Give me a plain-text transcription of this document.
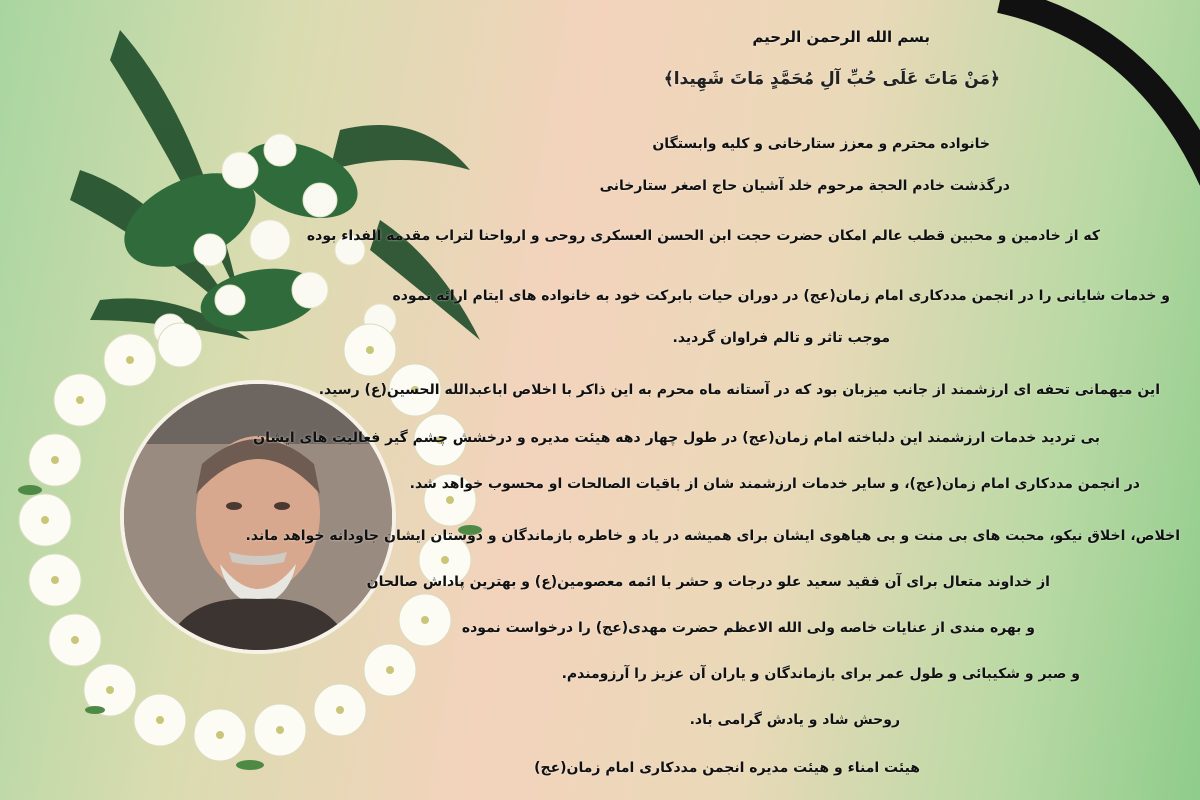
بسم الله الرحمن الرحیم
﴿مَنْ مَاتَ عَلَى حُبِّ آلِ مُحَمَّدٍ مَاتَ شَهِيدا﴾
خانواده محترم و معزز ستارخانی و کلیه وابستگان
درگذشت خادم الحجة مرحوم خلد آشیان حاج اصغر ستارخانی
که از خادمین و محبین قطب عالم امکان حضرت حجت ابن الحسن العسکری روحی و ارواحنا لتراب مقدمه الفداء بوده
و خدمات شایانی را در انجمن مددکاری امام زمان(عج) در دوران حیات بابرکت خود به خانواده های ایتام ارائه نموده
موجب تاثر و تالم فراوان گردید.
این میهمانی تحفه ای ارزشمند از جانب میزبان بود که در آستانه ماه محرم به این ذاکر با اخلاص اباعبدالله الحسین(ع) رسید.
بی تردید خدمات ارزشمند این دلباخته امام زمان(عج) در طول چهار دهه هیئت مدیره و درخشش چشم گیر فعالیت های ایشان
در انجمن مددکاری امام زمان(عج)، و سایر خدمات ارزشمند شان از باقیات الصالحات او محسوب خواهد شد.
اخلاص، اخلاق نیکو، محبت های بی منت و بی هیاهوی ایشان برای همیشه در یاد و خاطره بازماندگان و دوستان ایشان جاودانه خواهد ماند.
از خداوند متعال برای آن فقید سعید علو درجات و حشر با ائمه معصومین(ع) و بهترین پاداش صالحان
و بهره مندی از عنایات خاصه ولی الله الاعظم حضرت مهدی(عج) را درخواست نموده
و صبر و شکیبائی و طول عمر برای بازماندگان و یاران آن عزیز را آرزومندم.
روحش شاد و یادش گرامی باد.
هیئت امناء و هیئت مدیره انجمن مددکاری امام زمان(عج)
